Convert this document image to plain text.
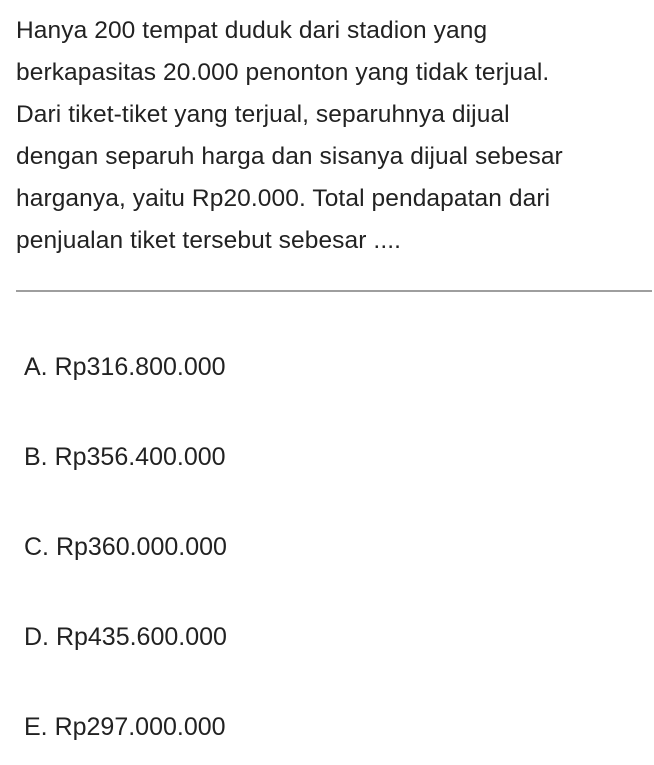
Hanya 200 tempat duduk dari stadion yang
berkapasitas 20.000 penonton yang tidak terjual.
Dari tiket-tiket yang terjual, separuhnya dijual
dengan separuh harga dan sisanya dijual sebesar
harganya, yaitu Rp20.000. Total pendapatan dari
penjualan tiket tersebut sebesar ....
A. Rp316.800.000
B. Rp356.400.000
C. Rp360.000.000
D. Rp435.600.000
E. Rp297.000.000
